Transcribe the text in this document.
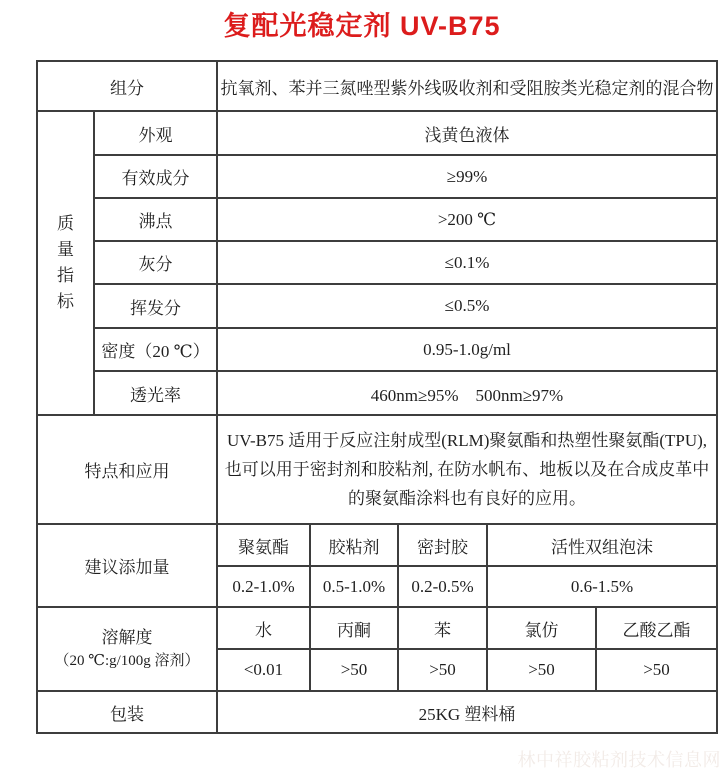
复配光稳定剂 UV-B75
组分		抗氧剂、苯并三氮唑型紫外线吸收剂和受阻胺类光稳定剂的混合物				

质量指标	外观	浅黄色液体				
	有效成分	≥99%				
	沸点	>200 ℃				
	灰分	≤0.1%				
	挥发分	≤0.5%				
	密度（20 ℃）	0.95-1.0g/ml				
	透光率	460nm≥95%　500nm≥97%				
特点和应用		UV-B75 适用于反应注射成型(RLM)聚氨酯和热塑性聚氨酯(TPU), 也可以用于密封剂和胶粘剂, 在防水帆布、地板以及在合成皮革中的聚氨酯涂料也有良好的应用。				
建议添加量		聚氨酯	胶粘剂	密封胶	活性双组泡沫	
		0.2-1.0%	0.5-1.0%	0.2-0.5%	0.6-1.5%	

溶解度
（20 ℃:g/100g 溶剂）		水	丙酮	苯	氯仿	乙酸乙酯
		<0.01	>50	>50	>50	>50
包装		25KG 塑料桶				
林中祥胶粘剂技术信息网
